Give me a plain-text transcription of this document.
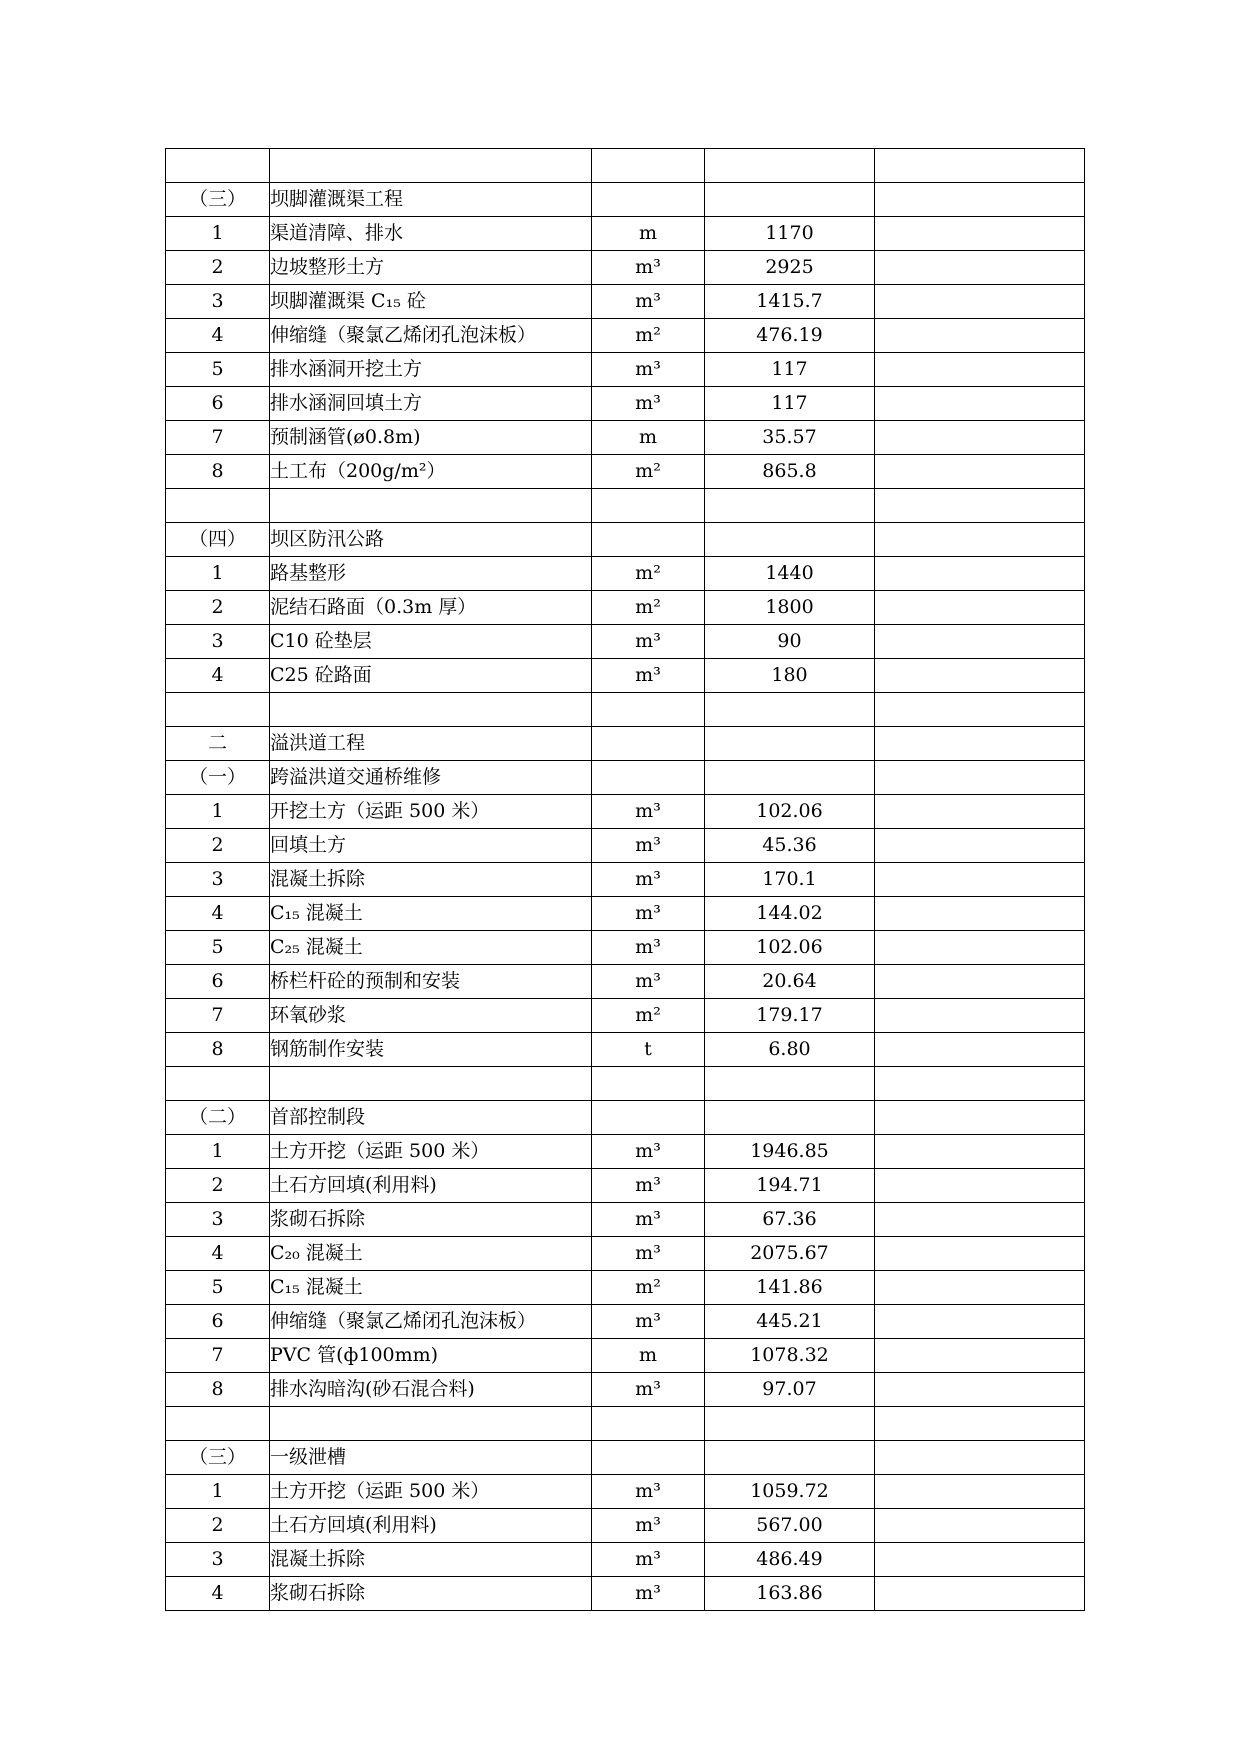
（三）	坝脚灌溉渠工程			
1	渠道清障、排水	m	1170	
2	边坡整形土方	m³	2925	
3	坝脚灌溉渠 C₁₅ 砼	m³	1415.7	
4	伸缩缝（聚氯乙烯闭孔泡沫板）	m²	476.19	
5	排水涵洞开挖土方	m³	117	
6	排水涵洞回填土方	m³	117	
7	预制涵管(ø0.8m)	m	35.57	
8	土工布（200g/m²）	m²	865.8	

（四）	坝区防汛公路			
1	路基整形	m²	1440	
2	泥结石路面（0.3m 厚）	m²	1800	
3	C10 砼垫层	m³	90	
4	C25 砼路面	m³	180	

二	溢洪道工程			
（一）	跨溢洪道交通桥维修			
1	开挖土方（运距 500 米）	m³	102.06	
2	回填土方	m³	45.36	
3	混凝土拆除	m³	170.1	
4	C₁₅ 混凝土	m³	144.02	
5	C₂₅ 混凝土	m³	102.06	
6	桥栏杆砼的预制和安装	m³	20.64	
7	环氧砂浆	m²	179.17	
8	钢筋制作安装	t	6.80	

（二）	首部控制段			
1	土方开挖（运距 500 米）	m³	1946.85	
2	土石方回填(利用料)	m³	194.71	
3	浆砌石拆除	m³	67.36	
4	C₂₀ 混凝土	m³	2075.67	
5	C₁₅ 混凝土	m²	141.86	
6	伸缩缝（聚氯乙烯闭孔泡沫板）	m³	445.21	
7	PVC 管(ф100mm)	m	1078.32	
8	排水沟暗沟(砂石混合料)	m³	97.07	

（三）	一级泄槽			
1	土方开挖（运距 500 米）	m³	1059.72	
2	土石方回填(利用料)	m³	567.00	
3	混凝土拆除	m³	486.49	
4	浆砌石拆除	m³	163.86	
